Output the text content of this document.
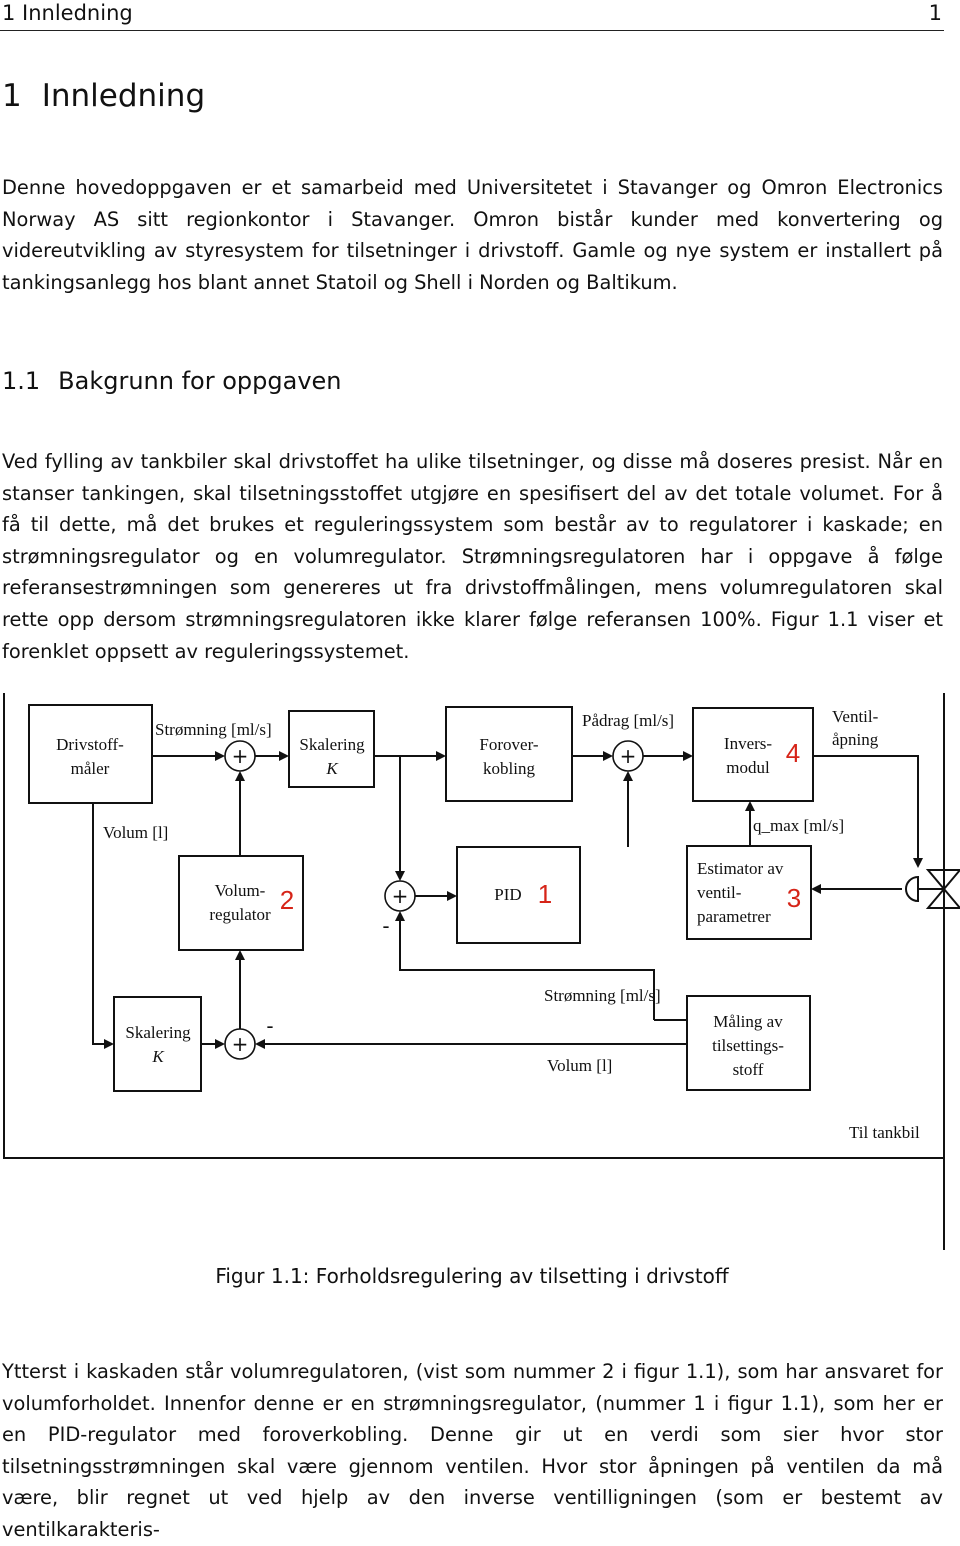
1 Innledning	1
1 Innledning

Denne hovedoppgaven er et samarbeid med Universitetet i Stavanger og Omron Electronics Norway AS sitt regionkontor i Stavanger. Omron bistår kunder med konvertering og videreutvikling av styresystem for tilsetninger i drivstoff. Gamle og nye system er installert på tankingsanlegg hos blant annet Statoil og Shell i Norden og Baltikum.

1.1 Bakgrunn for oppgaven

Ved fylling av tankbiler skal drivstoffet ha ulike tilsetninger, og disse må doseres presist. Når en stanser tankingen, skal tilsetningsstoffet utgjøre en spesifisert del av det totale volumet. For å få til dette, må det brukes et reguleringssystem som består av to regulatorer i kaskade; en strømningsregulator og en volumregulator. Strømningsregulatoren har i oppgave å følge referansestrømningen som genereres ut fra drivstoffmålingen, mens volumregulatoren skal rette opp dersom strømningsregulatoren ikke klarer følge referansen 100%. Figur 1.1 viser et forenklet oppsett av reguleringssystemet.

Drivstoff-
måler
Skalering
K
Forover-
kobling
Invers-
modul 4
Volum-
regulator 2	PID 1
Estimator av
ventil-
parametrer
3
Skalering
K
Måling av
tilsettings-
stoff
+	+
+
-
+
-
Strømning [ml/s]	Pådrag [ml/s]	Ventil-
åpning
Volum [l]	q_max [ml/s]
Strømning [ml/s]
Volum [l]
Til tankbil
Figur 1.1: Forholdsregulering av tilsetting i drivstoff

Ytterst i kaskaden står volumregulatoren, (vist som nummer 2 i figur 1.1), som har ansvaret for volumforholdet. Innenfor denne er en strømningsregulator, (nummer 1 i figur 1.1), som her er en PID-regulator med foroverkobling. Denne gir ut en verdi som sier hvor stor tilsetningsstrømningen skal være gjennom ventilen. Hvor stor åpningen på ventilen da må være, blir regnet ut ved hjelp av den inverse ventilligningen (som er bestemt av ventilkarakteris-
